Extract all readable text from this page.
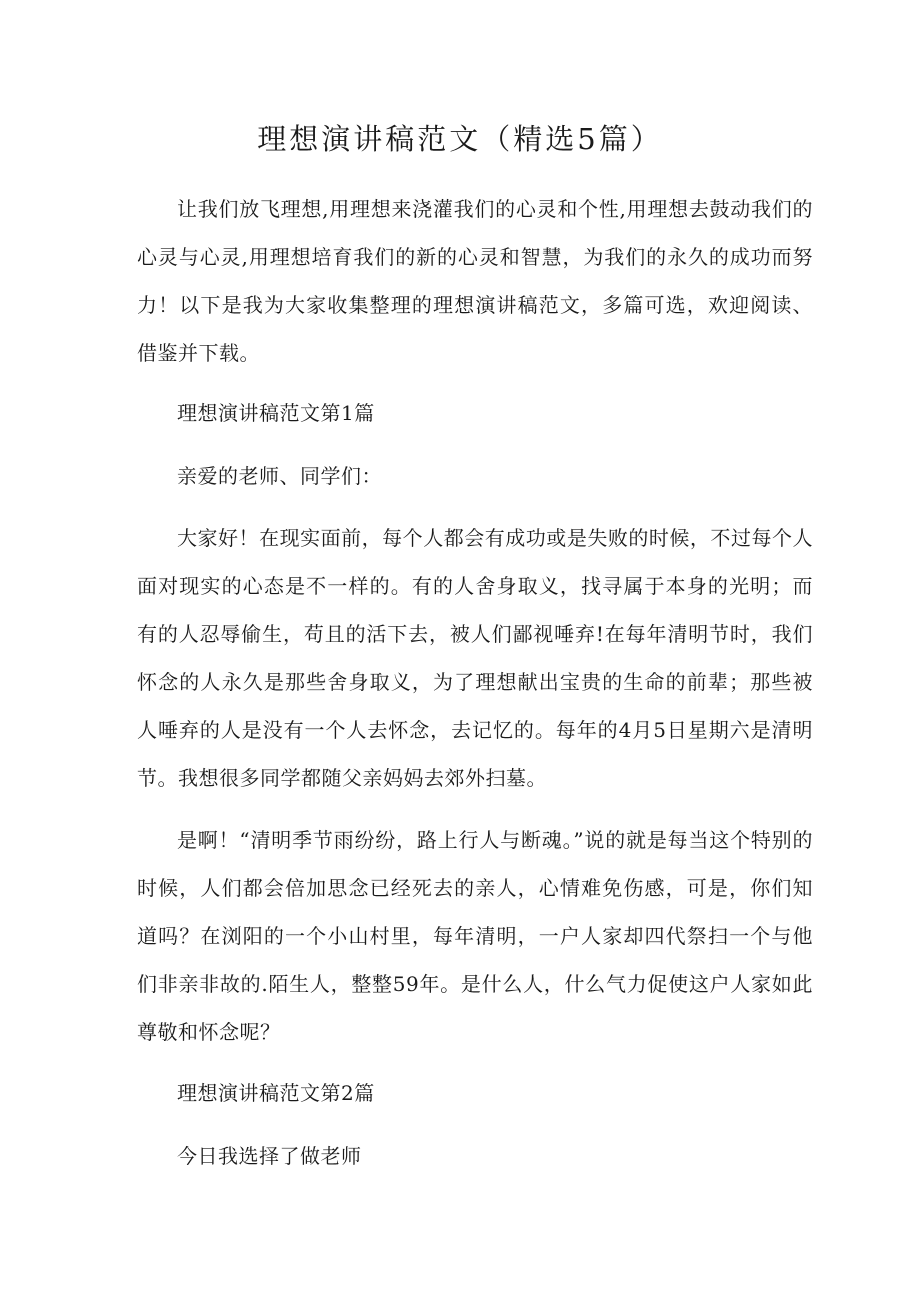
理想演讲稿范文（精选5篇）

让我们放飞理想,用理想来浇灌我们的心灵和个性,用理想去鼓动我们的心灵与心灵,用理想培育我们的新的心灵和智慧，为我们的永久的成功而努力！以下是我为大家收集整理的理想演讲稿范文，多篇可选，欢迎阅读、借鉴并下载。

理想演讲稿范文第1篇

亲爱的老师、同学们：

大家好！在现实面前，每个人都会有成功或是失败的时候，不过每个人面对现实的心态是不一样的。有的人舍身取义，找寻属于本身的光明；而有的人忍辱偷生，苟且的活下去，被人们鄙视唾弃!在每年清明节时，我们怀念的人永久是那些舍身取义，为了理想献出宝贵的生命的前辈；那些被人唾弃的人是没有一个人去怀念，去记忆的。每年的4月5日星期六是清明节。我想很多同学都随父亲妈妈去郊外扫墓。

是啊！“清明季节雨纷纷，路上行人与断魂。”说的就是每当这个特别的时候，人们都会倍加思念已经死去的亲人，心情难免伤感，可是，你们知道吗？在浏阳的一个小山村里，每年清明，一户人家却四代祭扫一个与他们非亲非故的.陌生人，整整59年。是什么人，什么气力促使这户人家如此尊敬和怀念呢？

理想演讲稿范文第2篇

今日我选择了做老师
